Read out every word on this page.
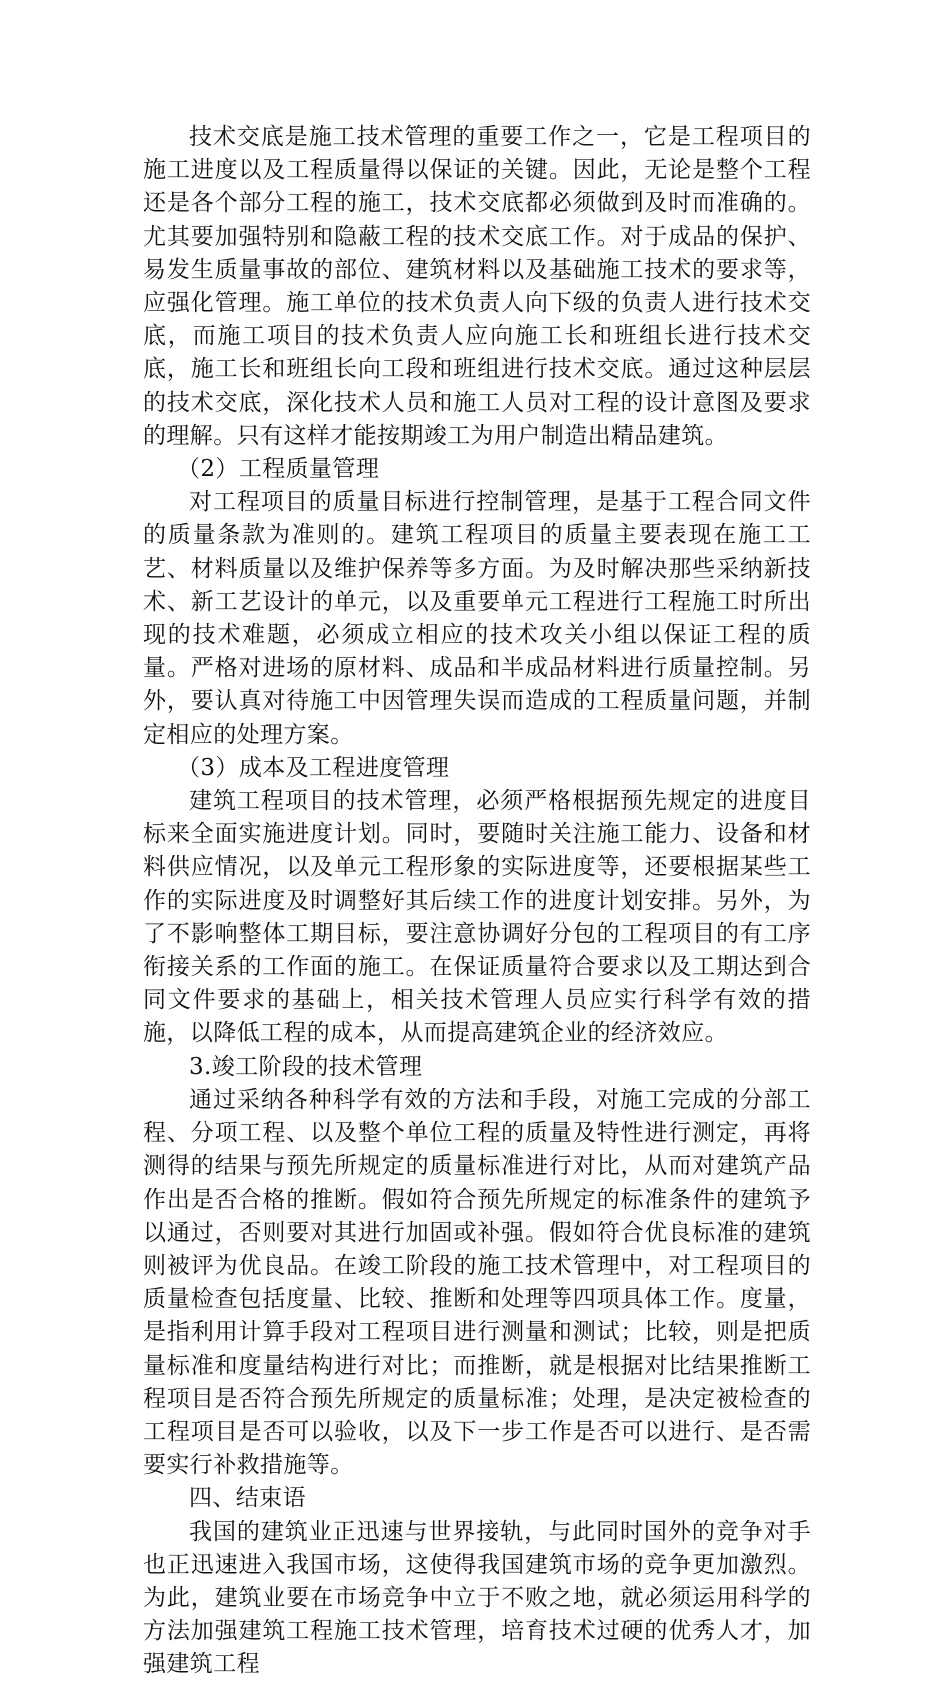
技术交底是施工技术管理的重要工作之一，它是工程项目的施工进度以及工程质量得以保证的关键。因此，无论是整个工程还是各个部分工程的施工，技术交底都必须做到及时而准确的。尤其要加强特别和隐蔽工程的技术交底工作。对于成品的保护、易发生质量事故的部位、建筑材料以及基础施工技术的要求等，应强化管理。施工单位的技术负责人向下级的负责人进行技术交底，而施工项目的技术负责人应向施工长和班组长进行技术交底，施工长和班组长向工段和班组进行技术交底。通过这种层层的技术交底，深化技术人员和施工人员对工程的设计意图及要求的理解。只有这样才能按期竣工为用户制造出精品建筑。

（2）工程质量管理

对工程项目的质量目标进行控制管理，是基于工程合同文件的质量条款为准则的。建筑工程项目的质量主要表现在施工工艺、材料质量以及维护保养等多方面。为及时解决那些采纳新技术、新工艺设计的单元，以及重要单元工程进行工程施工时所出现的技术难题，必须成立相应的技术攻关小组以保证工程的质量。严格对进场的原材料、成品和半成品材料进行质量控制。另外，要认真对待施工中因管理失误而造成的工程质量问题，并制定相应的处理方案。

（3）成本及工程进度管理

建筑工程项目的技术管理，必须严格根据预先规定的进度目标来全面实施进度计划。同时，要随时关注施工能力、设备和材料供应情况，以及单元工程形象的实际进度等，还要根据某些工作的实际进度及时调整好其后续工作的进度计划安排。另外，为了不影响整体工期目标，要注意协调好分包的工程项目的有工序衔接关系的工作面的施工。在保证质量符合要求以及工期达到合同文件要求的基础上，相关技术管理人员应实行科学有效的措施，以降低工程的成本，从而提高建筑企业的经济效应。

3.竣工阶段的技术管理

通过采纳各种科学有效的方法和手段，对施工完成的分部工程、分项工程、以及整个单位工程的质量及特性进行测定，再将测得的结果与预先所规定的质量标准进行对比，从而对建筑产品作出是否合格的推断。假如符合预先所规定的标准条件的建筑予以通过，否则要对其进行加固或补强。假如符合优良标准的建筑则被评为优良品。在竣工阶段的施工技术管理中，对工程项目的质量检查包括度量、比较、推断和处理等四项具体工作。度量，是指利用计算手段对工程项目进行测量和测试；比较，则是把质量标准和度量结构进行对比；而推断，就是根据对比结果推断工程项目是否符合预先所规定的质量标准；处理，是决定被检查的工程项目是否可以验收，以及下一步工作是否可以进行、是否需要实行补救措施等。

四、结束语

我国的建筑业正迅速与世界接轨，与此同时国外的竞争对手也正迅速进入我国市场，这使得我国建筑市场的竞争更加激烈。为此，建筑业要在市场竞争中立于不败之地，就必须运用科学的方法加强建筑工程施工技术管理，培育技术过硬的优秀人才，加强建筑工程
